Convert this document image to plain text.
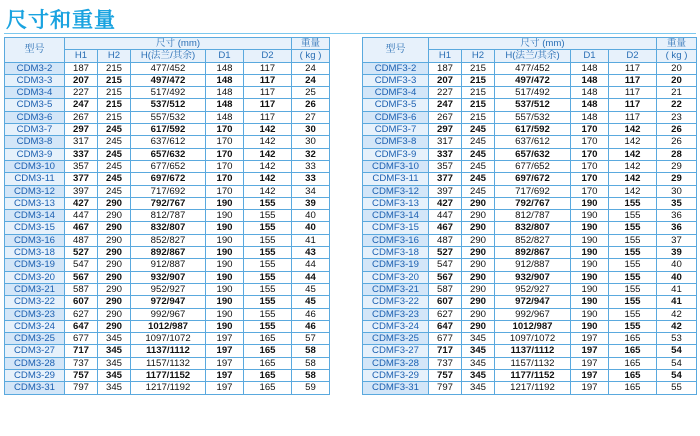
尺寸和重量
型号	尺寸 (mm)					重量
	H1	H2	H(法兰/其余)	D1	D2	( kg )
CDM3-2	187	215	477/452	148	117	24
CDM3-3	207	215	497/472	148	117	24
CDM3-4	227	215	517/492	148	117	25
CDM3-5	247	215	537/512	148	117	26
CDM3-6	267	215	557/532	148	117	27
CDM3-7	297	245	617/592	170	142	30
CDM3-8	317	245	637/612	170	142	30
CDM3-9	337	245	657/632	170	142	32
CDM3-10	357	245	677/652	170	142	33
CDM3-11	377	245	697/672	170	142	33
CDM3-12	397	245	717/692	170	142	34
CDM3-13	427	290	792/767	190	155	39
CDM3-14	447	290	812/787	190	155	40
CDM3-15	467	290	832/807	190	155	40
CDM3-16	487	290	852/827	190	155	41
CDM3-18	527	290	892/867	190	155	43
CDM3-19	547	290	912/887	190	155	44
CDM3-20	567	290	932/907	190	155	44
CDM3-21	587	290	952/927	190	155	45
CDM3-22	607	290	972/947	190	155	45
CDM3-23	627	290	992/967	190	155	46
CDM3-24	647	290	1012/987	190	155	46
CDM3-25	677	345	1097/1072	197	165	57
CDM3-27	717	345	1137/1112	197	165	58
CDM3-28	737	345	1157/1132	197	165	58
CDM3-29	757	345	1177/1152	197	165	58
CDM3-31	797	345	1217/1192	197	165	59
型号	尺寸 (mm)					重量
	H1	H2	H(法兰/其余)	D1	D2	( kg )
CDMF3-2	187	215	477/452	148	117	20
CDMF3-3	207	215	497/472	148	117	20
CDMF3-4	227	215	517/492	148	117	21
CDMF3-5	247	215	537/512	148	117	22
CDMF3-6	267	215	557/532	148	117	23
CDMF3-7	297	245	617/592	170	142	26
CDMF3-8	317	245	637/612	170	142	26
CDMF3-9	337	245	657/632	170	142	28
CDMF3-10	357	245	677/652	170	142	29
CDMF3-11	377	245	697/672	170	142	29
CDMF3-12	397	245	717/692	170	142	30
CDMF3-13	427	290	792/767	190	155	35
CDMF3-14	447	290	812/787	190	155	36
CDMF3-15	467	290	832/807	190	155	36
CDMF3-16	487	290	852/827	190	155	37
CDMF3-18	527	290	892/867	190	155	39
CDMF3-19	547	290	912/887	190	155	40
CDMF3-20	567	290	932/907	190	155	40
CDMF3-21	587	290	952/927	190	155	41
CDMF3-22	607	290	972/947	190	155	41
CDMF3-23	627	290	992/967	190	155	42
CDMF3-24	647	290	1012/987	190	155	42
CDMF3-25	677	345	1097/1072	197	165	53
CDMF3-27	717	345	1137/1112	197	165	54
CDMF3-28	737	345	1157/1132	197	165	54
CDMF3-29	757	345	1177/1152	197	165	54
CDMF3-31	797	345	1217/1192	197	165	55
